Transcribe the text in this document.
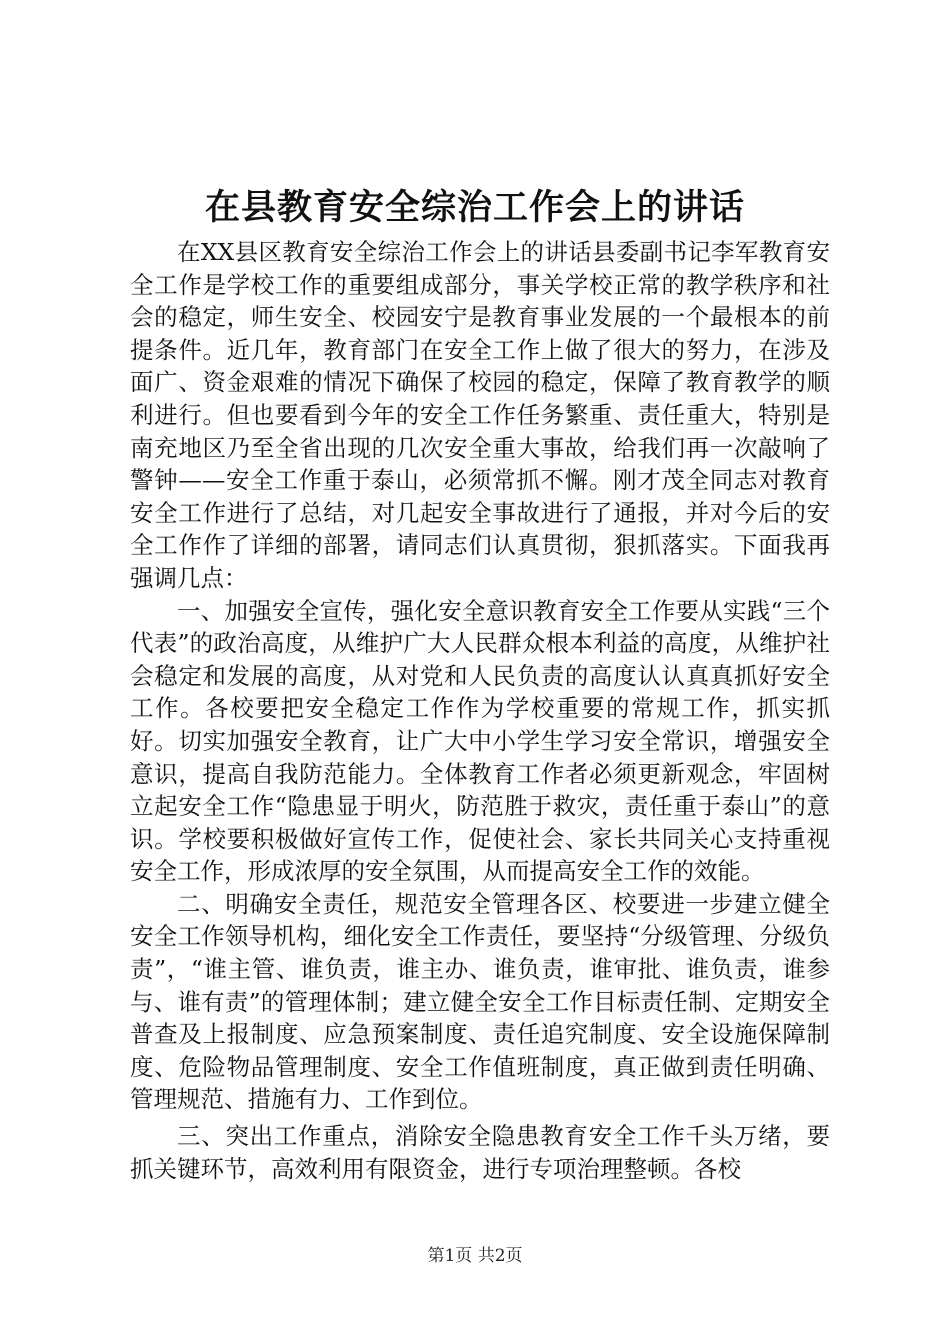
在县教育安全综治工作会上的讲话

在XX县区教育安全综治工作会上的讲话县委副书记李军教育安全工作是学校工作的重要组成部分，事关学校正常的教学秩序和社会的稳定，师生安全、校园安宁是教育事业发展的一个最根本的前提条件。近几年，教育部门在安全工作上做了很大的努力，在涉及面广、资金艰难的情况下确保了校园的稳定，保障了教育教学的顺利进行。但也要看到今年的安全工作任务繁重、责任重大，特别是南充地区乃至全省出现的几次安全重大事故，给我们再一次敲响了警钟——安全工作重于泰山，必须常抓不懈。刚才茂全同志对教育安全工作进行了总结，对几起安全事故进行了通报，并对今后的安全工作作了详细的部署，请同志们认真贯彻，狠抓落实。下面我再强调几点：

一、加强安全宣传，强化安全意识教育安全工作要从实践“三个代表”的政治高度，从维护广大人民群众根本利益的高度，从维护社会稳定和发展的高度，从对党和人民负责的高度认认真真抓好安全工作。各校要把安全稳定工作作为学校重要的常规工作，抓实抓好。切实加强安全教育，让广大中小学生学习安全常识，增强安全意识，提高自我防范能力。全体教育工作者必须更新观念，牢固树立起安全工作“隐患显于明火，防范胜于救灾，责任重于泰山”的意识。学校要积极做好宣传工作，促使社会、家长共同关心支持重视安全工作，形成浓厚的安全氛围，从而提高安全工作的效能。

二、明确安全责任，规范安全管理各区、校要进一步建立健全安全工作领导机构，细化安全工作责任，要坚持“分级管理、分级负责”，“谁主管、谁负责，谁主办、谁负责，谁审批、谁负责，谁参与、谁有责”的管理体制；建立健全安全工作目标责任制、定期安全普查及上报制度、应急预案制度、责任追究制度、安全设施保障制度、危险物品管理制度、安全工作值班制度，真正做到责任明确、管理规范、措施有力、工作到位。

三、突出工作重点，消除安全隐患教育安全工作千头万绪，要抓关键环节，高效利用有限资金，进行专项治理整顿。各校

第1页 共2页
